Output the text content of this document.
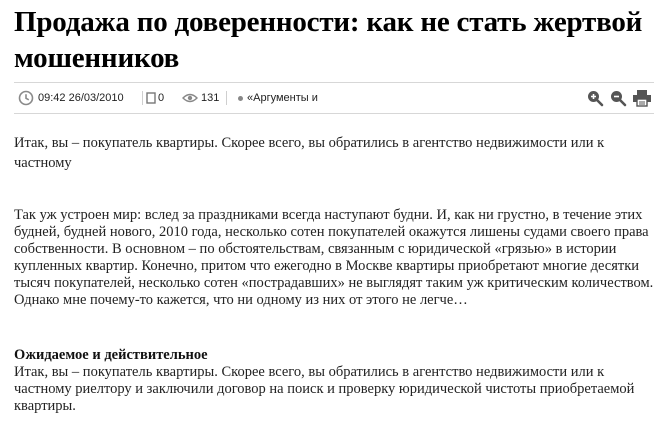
Продажа по доверенности: как не стать жертвой мошенников
09:42 26/03/2010	0	131	«Аргументы и

Итак, вы – покупатель квартиры. Скорее всего, вы обратились в агентство недвижимости или к частному

Так уж устроен мир: вслед за праздниками всегда наступают будни. И, как ни грустно, в течение этих будней, будней нового, 2010 года, несколько сотен покупателей окажутся лишены судами своего права собственности. В основном – по обстоятельствам, связанным с юридической «грязью» в истории купленных квартир. Конечно, притом что ежегодно в Москве квартиры приобретают многие десятки тысяч покупателей, несколько сотен «пострадавших» не выглядят таким уж критическим количеством. Однако мне почему-то кажется, что ни одному из них от этого не легче…

Ожидаемое и действительное

Итак, вы – покупатель квартиры. Скорее всего, вы обратились в агентство недвижимости или к частному риелтору и заключили договор на поиск и проверку юридической чистоты приобретаемой квартиры.
